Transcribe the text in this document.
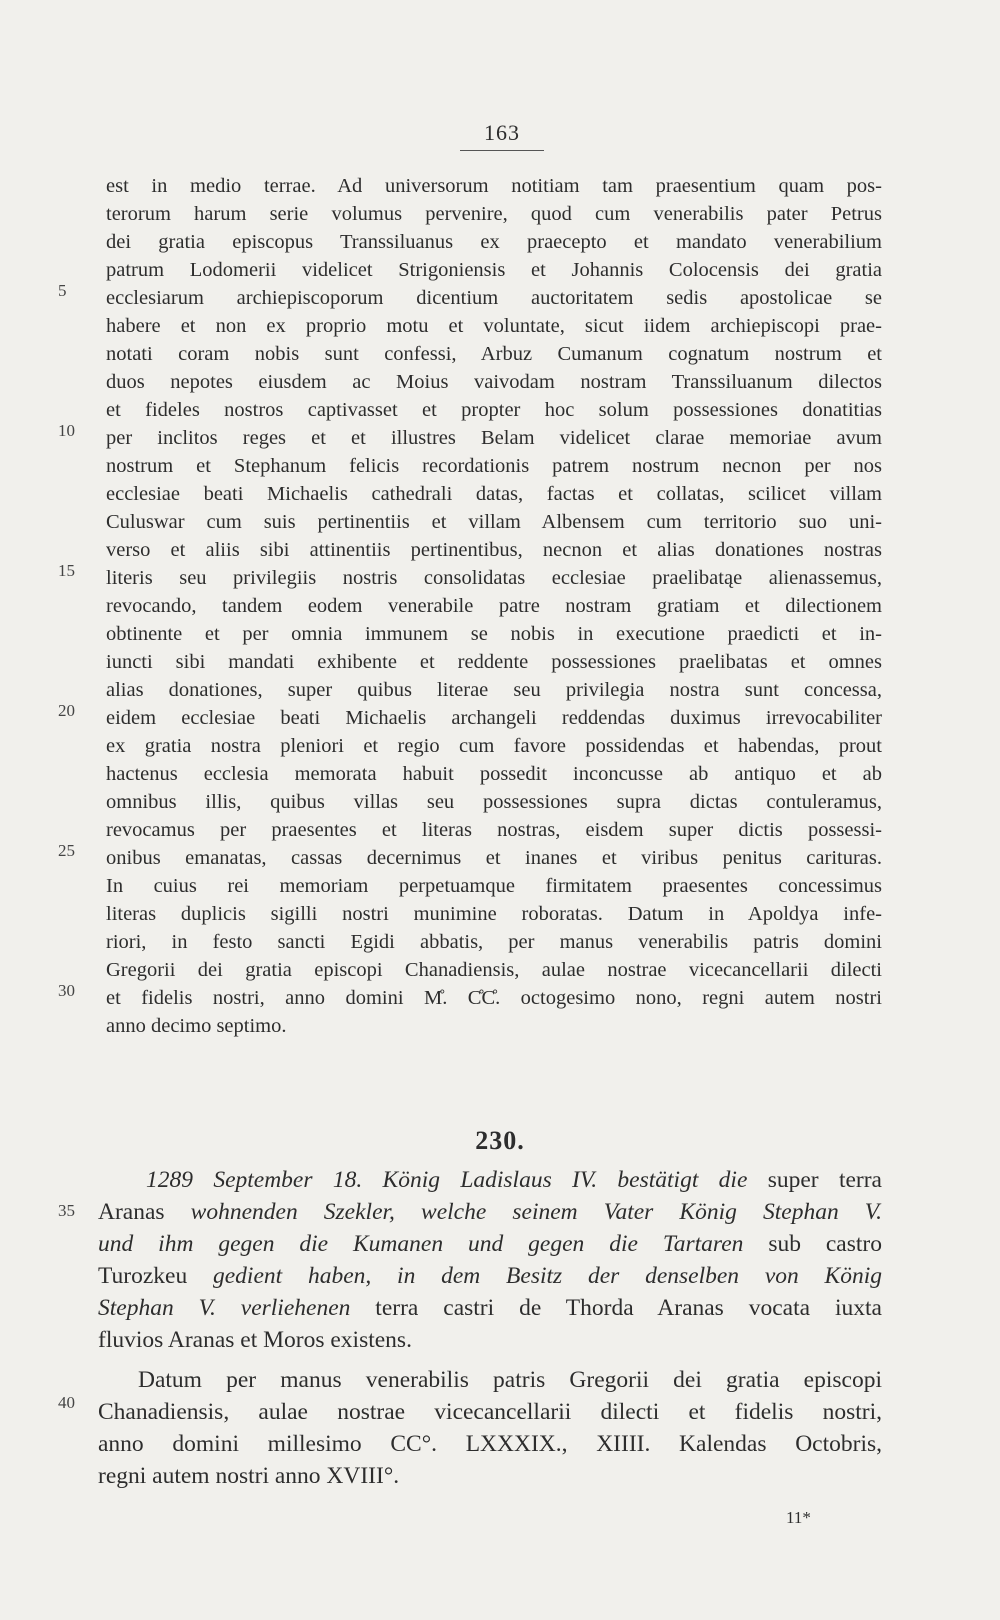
163
5
10
15
20
25
30
35
40
est in medio terrae. Ad universorum notitiam tam praesentium quam pos-
terorum harum serie volumus pervenire, quod cum venerabilis pater Petrus
dei gratia episcopus Transsiluanus ex praecepto et mandato venerabilium
patrum Lodomerii videlicet Strigoniensis et Johannis Colocensis dei gratia
ecclesiarum archiepiscoporum dicentium auctoritatem sedis apostolicae se
habere et non ex proprio motu et voluntate, sicut iidem archiepiscopi prae-
notati coram nobis sunt confessi, Arbuz Cumanum cognatum nostrum et
duos nepotes eiusdem ac Moius vaivodam nostram Transsiluanum dilectos
et fideles nostros captivasset et propter hoc solum possessiones donatitias
per inclitos reges et et illustres Belam videlicet clarae memoriae avum
nostrum et Stephanum felicis recordationis patrem nostrum necnon per nos
ecclesiae beati Michaelis cathedrali datas, factas et collatas, scilicet villam
Culuswar cum suis pertinentiis et villam Albensem cum territorio suo uni-
verso et aliis sibi attinentiis pertinentibus, necnon et alias donationes nostras
literis seu privilegiis nostris consolidatas ecclesiae praelibatąe alienassemus,
revocando, tandem eodem venerabile patre nostram gratiam et dilectionem
obtinente et per omnia immunem se nobis in executione praedicti et in-
iuncti sibi mandati exhibente et reddente possessiones praelibatas et omnes
alias donationes, super quibus literae seu privilegia nostra sunt concessa,
eidem ecclesiae beati Michaelis archangeli reddendas duximus irrevocabiliter
ex gratia nostra pleniori et regio cum favore possidendas et habendas, prout
hactenus ecclesia memorata habuit possedit inconcusse ab antiquo et ab
omnibus illis, quibus villas seu possessiones supra dictas contuleramus,
revocamus per praesentes et literas nostras, eisdem super dictis possessi-
onibus emanatas, cassas decernimus et inanes et viribus penitus carituras.
In cuius rei memoriam perpetuamque firmitatem praesentes concessimus
literas duplicis sigilli nostri munimine roboratas. Datum in Apoldya infe-
riori, in festo sancti Egidi abbatis, per manus venerabilis patris domini
Gregorii dei gratia episcopi Chanadiensis, aulae nostrae vicecancellarii dilecti
et fidelis nostri, anno domini M̊. C̊C̊. octogesimo nono, regni autem nostri
anno decimo septimo.
230.
1289 September 18. König Ladislaus IV. bestätigt die super terra
Aranas wohnenden Szekler, welche seinem Vater König Stephan V.
und ihm gegen die Kumanen und gegen die Tartaren sub castro
Turozkeu gedient haben, in dem Besitz der denselben von König
Stephan V. verliehenen terra castri de Thorda Aranas vocata iuxta
fluvios Aranas et Moros existens.
Datum per manus venerabilis patris Gregorii dei gratia episcopi
Chanadiensis, aulae nostrae vicecancellarii dilecti et fidelis nostri,
anno domini millesimo CC°. LXXXIX., XIIII. Kalendas Octobris,
regni autem nostri anno XVIII°.
11*
